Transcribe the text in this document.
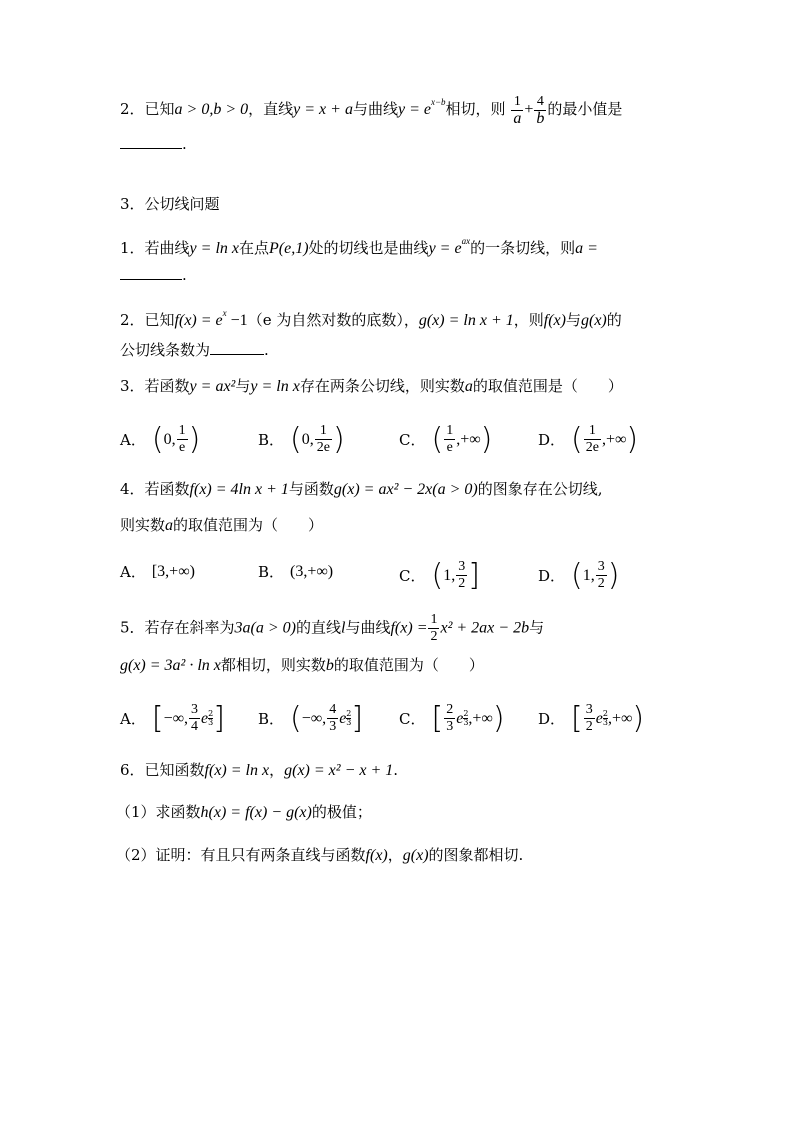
2．已知a > 0,b > 0，直线y = x + a与曲线$y = e^{x-b}$相切，则 $\frac{1}{a} + \frac{4}{b}$ 的最小值是
.
3．公切线问题
1．若曲线y = ln x在点P(e,1)处的切线也是曲线$y = e^{ax}$的一条切线，则a =
.
2．已知$f(x) = e^x -1(e$ 为自然对数的底数），g(x) = ln x + 1，则f(x)与g(x)的
公切线条数为	.
3．若函数y = ax²与y = ln x存在两条公切线，则实数a的取值范围是（　　）
A． ( 0, $\frac{1}{e}$ )	B． ( 0, $\frac{1}{2e}$ )	C． ( $\frac{1}{e}$ ,+∞ )	D． ( $\frac{1}{2e}$ ,+∞ )
4．若函数f(x) = 4ln x + 1与函数g(x) = ax² − 2x(a > 0)的图象存在公切线,
则实数a的取值范围为（　　）
A． [3,+∞)	B． (3,+∞)	C． ( 1, $\frac{3}{2}$ ]	D． ( 1, $\frac{3}{2}$ )
5．若存在斜率为3a(a > 0)的直线l与曲线$f(x) = \frac{1}{2} x^2 + 2ax - 2b$与
g(x) = 3a² · ln x都相切，则实数b的取值范围为（　　）
A． [ −∞, $\frac{3}{4}$ e $\frac{2}{3}$ ] B． ( −∞, $\frac{4}{3}$ e $\frac{2}{3}$ ] C． [ $\frac{2}{3}$ e $\frac{2}{3}$ ,+∞ ) D． [ $\frac{3}{2}$ e $\frac{2}{3}$ ,+∞ )
6．已知函数f(x) = ln x，g(x) = x² − x + 1.
（1）求函数h(x) = f(x) − g(x)的极值；
（2）证明：有且只有两条直线与函数f(x)，g(x)的图象都相切.
